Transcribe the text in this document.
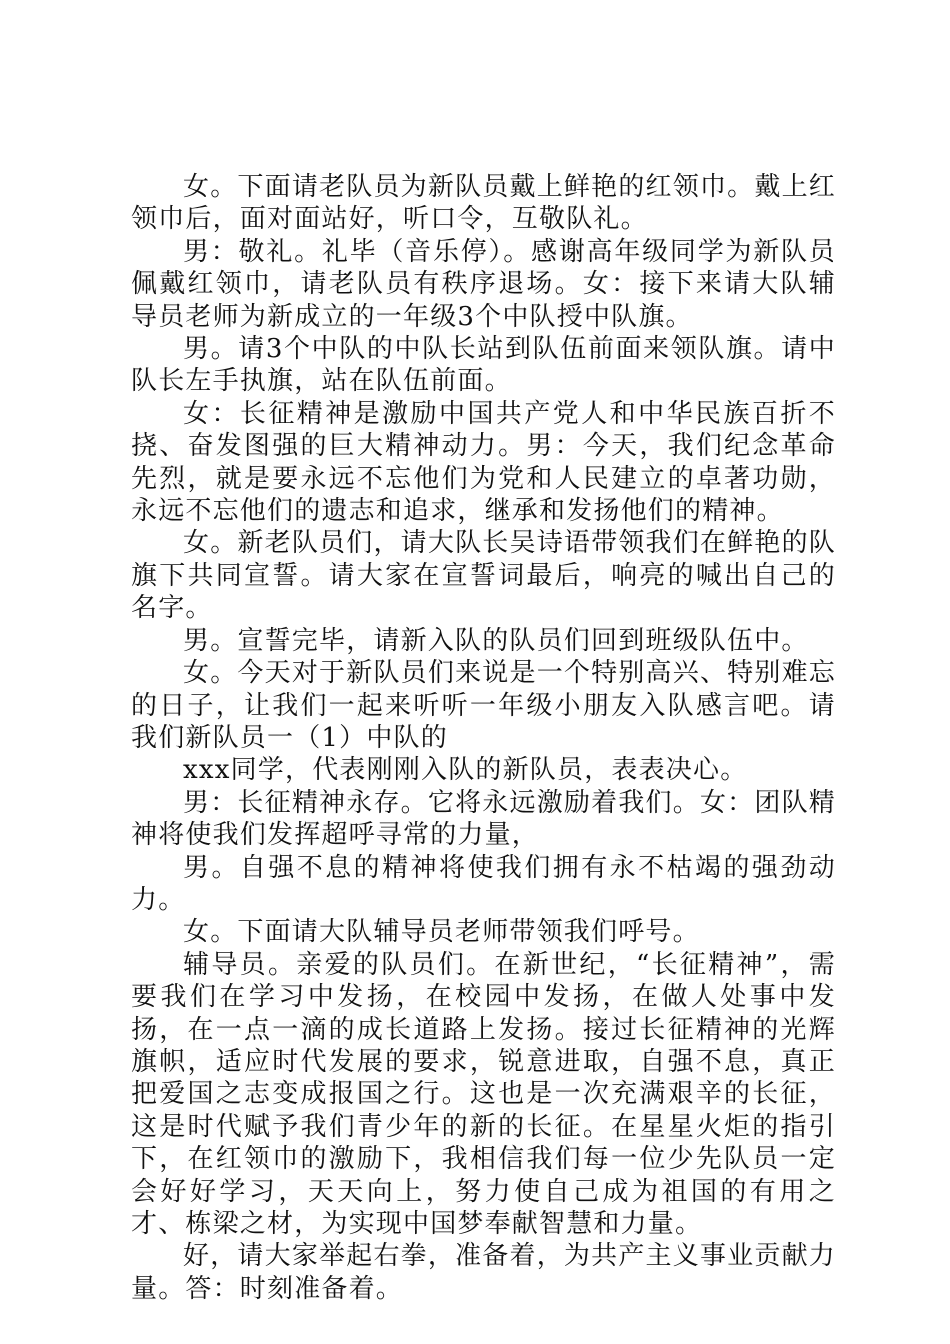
女。下面请老队员为新队员戴上鲜艳的红领巾。戴上红领巾后，面对面站好，听口令，互敬队礼。

男：敬礼。礼毕（音乐停）。感谢高年级同学为新队员佩戴红领巾，请老队员有秩序退场。女：接下来请大队辅导员老师为新成立的一年级3个中队授中队旗。

男。请3个中队的中队长站到队伍前面来领队旗。请中队长左手执旗，站在队伍前面。

女：长征精神是激励中国共产党人和中华民族百折不挠、奋发图强的巨大精神动力。男：今天，我们纪念革命先烈，就是要永远不忘他们为党和人民建立的卓著功勋，永远不忘他们的遗志和追求，继承和发扬他们的精神。

女。新老队员们，请大队长吴诗语带领我们在鲜艳的队旗下共同宣誓。请大家在宣誓词最后，响亮的喊出自己的名字。

男。宣誓完毕，请新入队的队员们回到班级队伍中。

女。今天对于新队员们来说是一个特别高兴、特别难忘的日子，让我们一起来听听一年级小朋友入队感言吧。请我们新队员一（1）中队的

xxx同学，代表刚刚入队的新队员，表表决心。

男：长征精神永存。它将永远激励着我们。女：团队精神将使我们发挥超呼寻常的力量，

男。自强不息的精神将使我们拥有永不枯竭的强劲动力。

女。下面请大队辅导员老师带领我们呼号。

辅导员。亲爱的队员们。在新世纪，“长征精神”，需要我们在学习中发扬，在校园中发扬，在做人处事中发扬，在一点一滴的成长道路上发扬。接过长征精神的光辉旗帜，适应时代发展的要求，锐意进取，自强不息，真正把爱国之志变成报国之行。这也是一次充满艰辛的长征，这是时代赋予我们青少年的新的长征。在星星火炬的指引下，在红领巾的激励下，我相信我们每一位少先队员一定会好好学习，天天向上，努力使自己成为祖国的有用之才、栋梁之材，为实现中国梦奉献智慧和力量。

好，请大家举起右拳，准备着，为共产主义事业贡献力量。答：时刻准备着。
